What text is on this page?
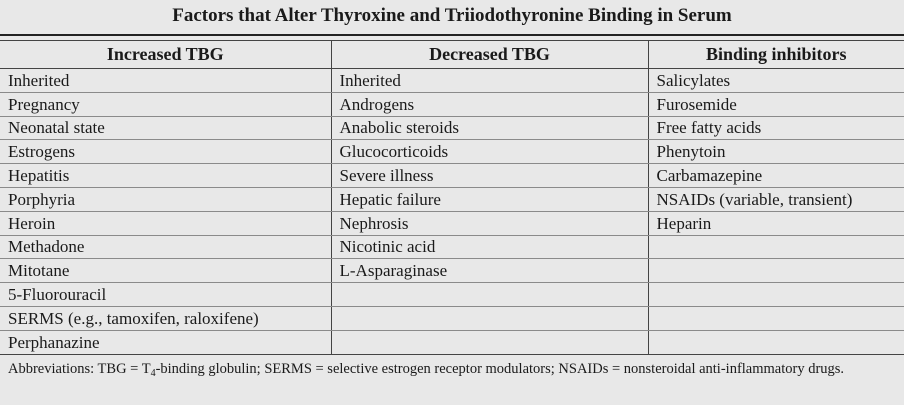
Factors that Alter Thyroxine and Triiodothyronine Binding in Serum
Increased TBG	Decreased TBG	Binding inhibitors
Inherited	Inherited	Salicylates
Pregnancy	Androgens	Furosemide
Neonatal state	Anabolic steroids	Free fatty acids
Estrogens	Glucocorticoids	Phenytoin
Hepatitis	Severe illness	Carbamazepine
Porphyria	Hepatic failure	NSAIDs (variable, transient)
Heroin	Nephrosis	Heparin
Methadone	Nicotinic acid	
Mitotane	L-Asparaginase	
5-Fluorouracil		
SERMS (e.g., tamoxifen, raloxifene)		
Perphanazine		
Abbreviations: TBG = $T_4$-binding globulin; SERMS = selective estrogen receptor modulators; NSAIDs = nonsteroidal anti-inflammatory drugs.
